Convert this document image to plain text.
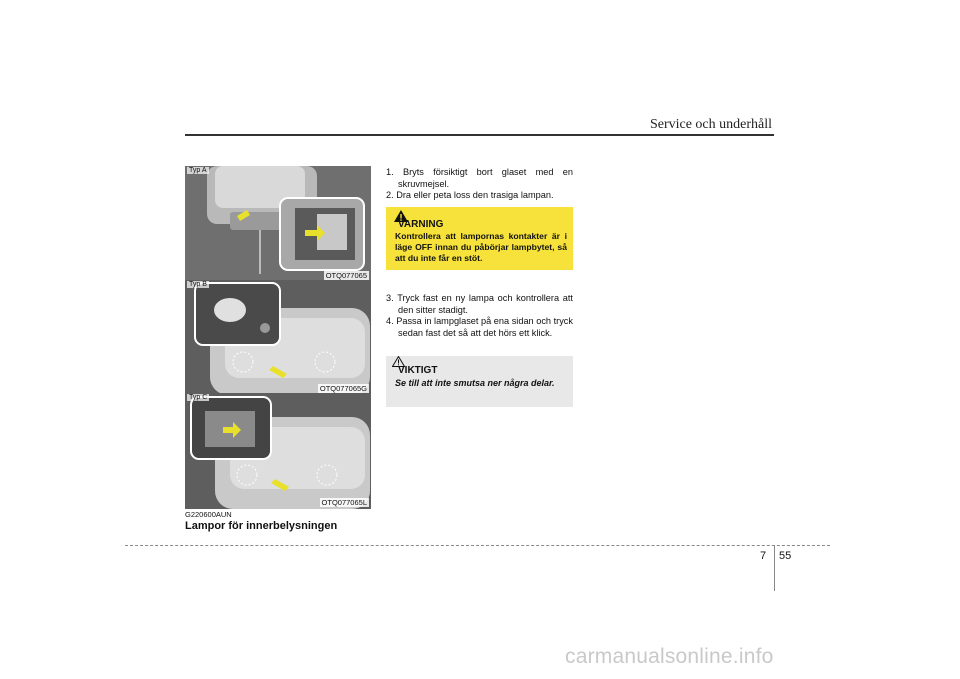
Service och underhåll
Typ A
OTQ077065
Typ B
OTQ077065G
Typ C
OTQ077065L
G220600AUN
Lampor för innerbelysningen
1. Bryts försiktigt bort glaset med en skruvmejsel.
2. Dra eller peta loss den trasiga lampan.
VARNING
Kontrollera att lampornas kontakter är i läge OFF innan du påbörjar lampbytet, så att du inte får en stöt.
3. Tryck fast en ny lampa och kontrollera att den sitter stadigt.
4. Passa in lampglaset på ena sidan och tryck sedan fast det så att det hörs ett klick.
VIKTIGT
Se till att inte smutsa ner några delar.
7 55
carmanualsonline.info
